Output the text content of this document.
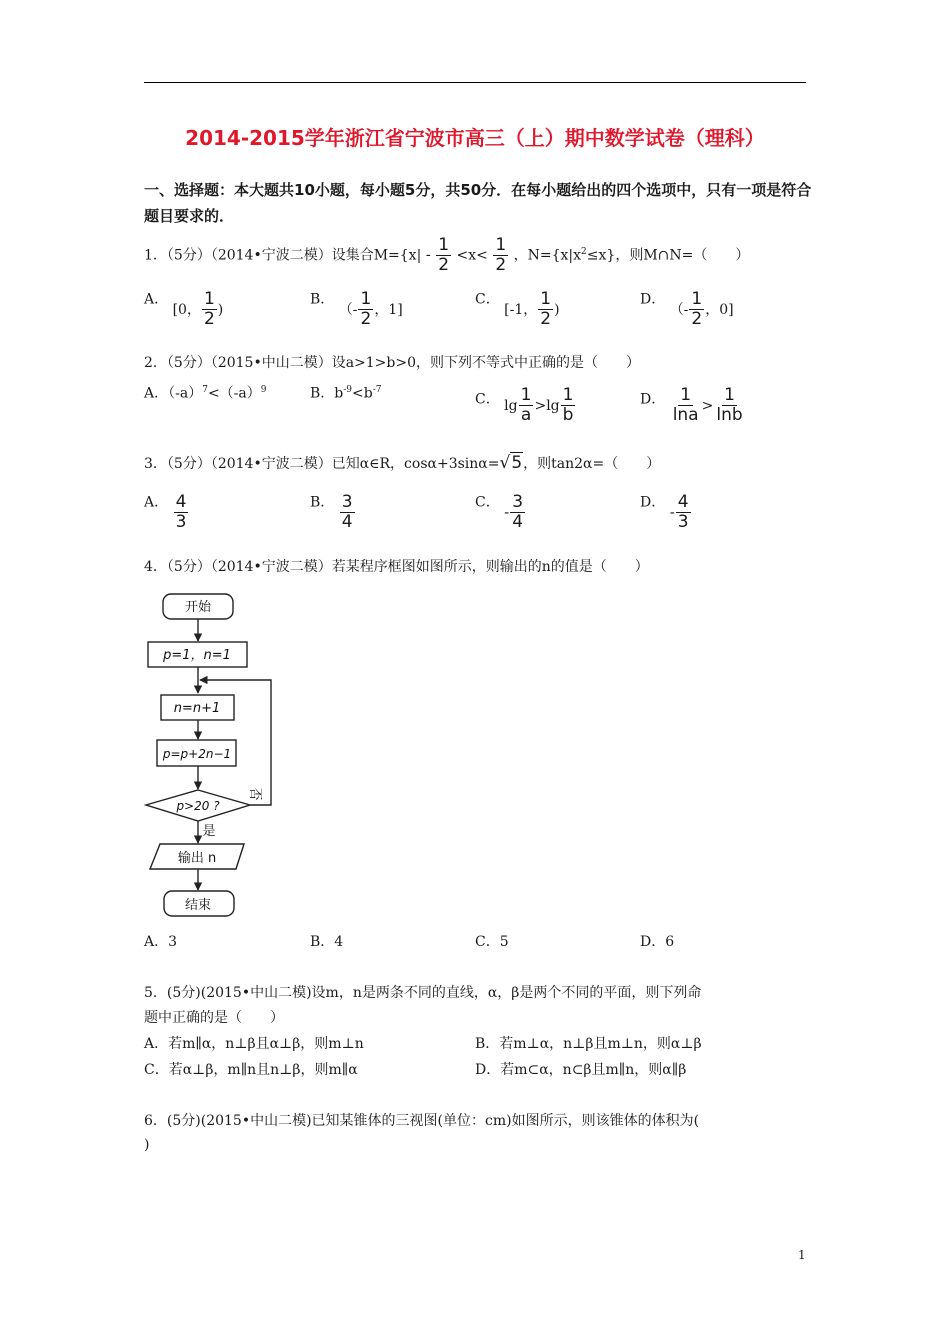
2014-2015学年浙江省宁波市高三（上）期中数学试卷（理科）
一、选择题：本大题共10小题，每小题5分，共50分．在每小题给出的四个选项中，只有一项是符合题目要求的．
1．（5分）（2014•宁波二模）设集合$M=\{x| - \frac{1}{2} <x< \frac{1}{2}$ ，$N=\{x|x^2\le x\}$，则M∩N=（　　）
A． [0， $\frac{1}{2}$ )
B． （- $\frac{1}{2}$ ，1]
C． [-1， $\frac{1}{2}$ )
D． （- $\frac{1}{2}$ ，0]
2．（5分）（2015•中山二模）设a>1>b>0，则下列不等式中正确的是（　　）
A．$(-a)^7<(-a)^9$	B．$b^{-9}<b^{-7}$
C． $\lg \frac{1}{a} >\lg \frac{1}{b}$	D． $\frac{1}{\ln a} > \frac{1}{\ln b}$
3．（5分）（2014•宁波二模）已知α∈R，cosα+3sinα=√5，则tan2α=（　　）
A． $\frac{4}{3}$	B． $\frac{3}{4}$	C． - $\frac{3}{4}$	D． - $\frac{4}{3}$
4．（5分）（2014•宁波二模）若某程序框图如图所示，则输出的n的值是（　　）
开始
p=1，n=1
n=n+1
p=p+2n−1
p>20 ?
否
是
输出 n
结束
A．3	B．4	C．5	D．6
5．(5分)(2015•中山二模)设m，n是两条不同的直线，α，β是两个不同的平面，则下列命
题中正确的是（　　）
A．若m∥α，n⊥β且α⊥β，则m⊥n	B．若m⊥α，n⊥β且m⊥n，则α⊥β
C．若α⊥β，m∥n且n⊥β，则m∥α	D．若m⊂α，n⊂β且m∥n，则α∥β
6．(5分)(2015•中山二模)已知某锥体的三视图(单位：cm)如图所示，则该锥体的体积为(
)
1
